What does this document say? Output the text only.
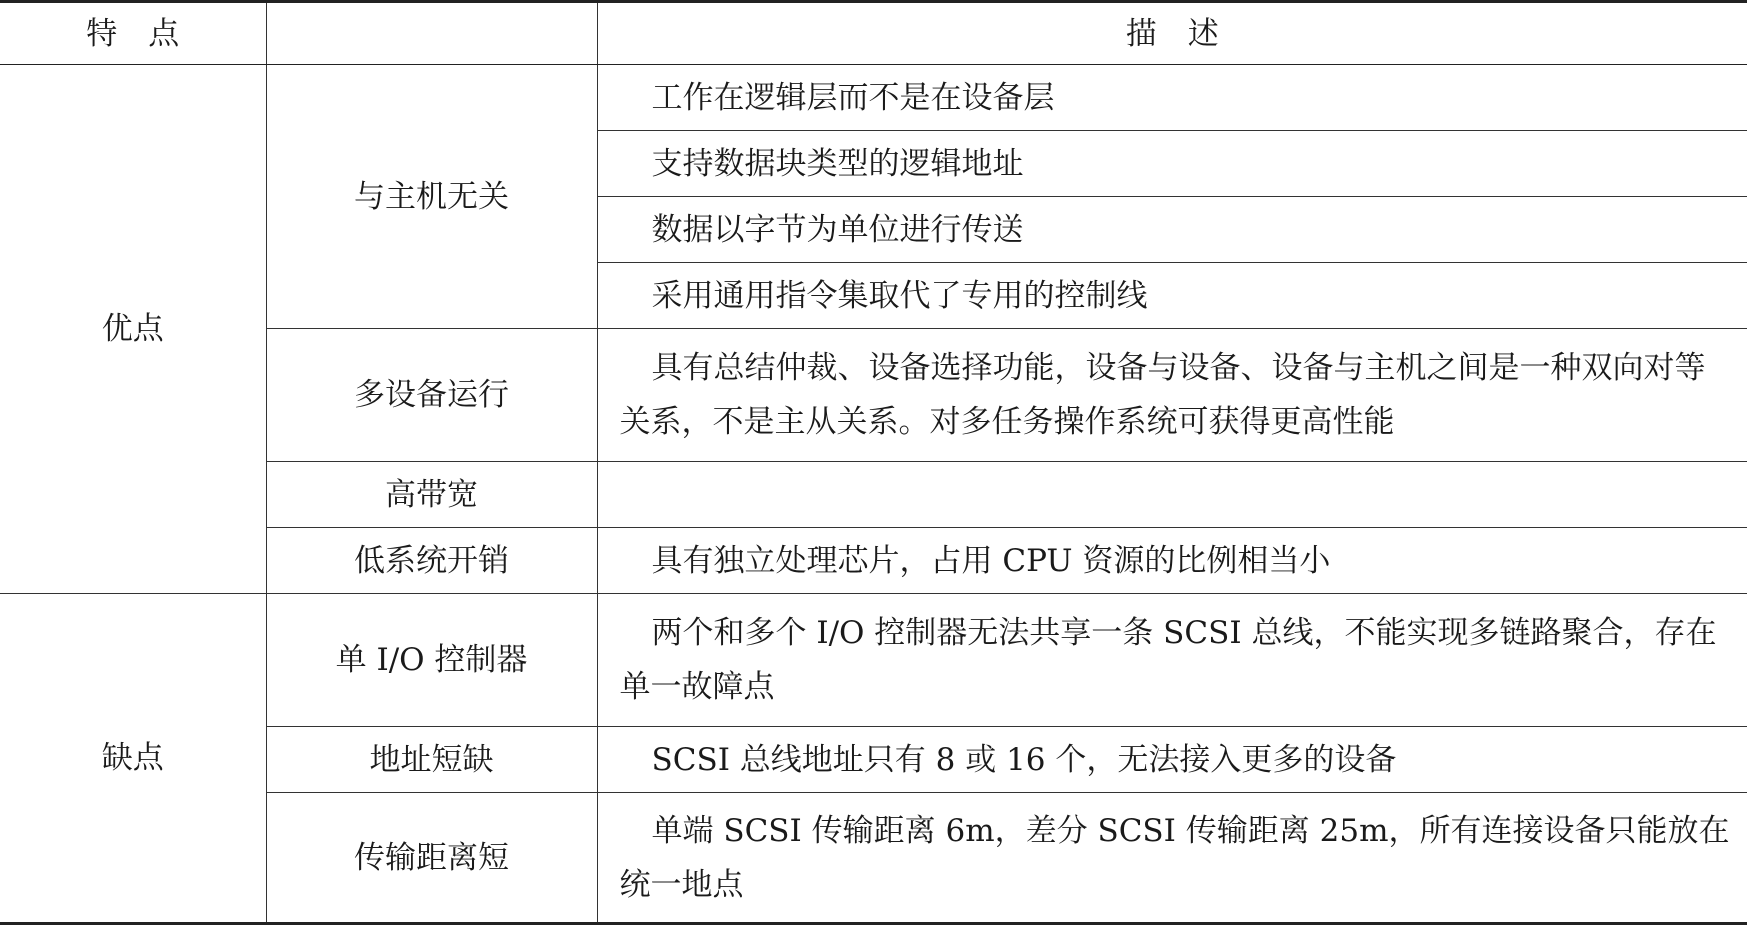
特　点		描　述
优点	与主机无关	工作在逻辑层而不是在设备层
		支持数据块类型的逻辑地址
		数据以字节为单位进行传送
		采用通用指令集取代了专用的控制线
	多设备运行	具有总结仲裁、设备选择功能，设备与设备、设备与主机之间是一种双向对等关系，不是主从关系。对多任务操作系统可获得更高性能
	高带宽	
	低系统开销	具有独立处理芯片，占用 CPU 资源的比例相当小
缺点	单 I/O 控制器	两个和多个 I/O 控制器无法共享一条 SCSI 总线，不能实现多链路聚合，存在单一故障点
	地址短缺	SCSI 总线地址只有 8 或 16 个，无法接入更多的设备
	传输距离短	单端 SCSI 传输距离 6m，差分 SCSI 传输距离 25m，所有连接设备只能放在统一地点
